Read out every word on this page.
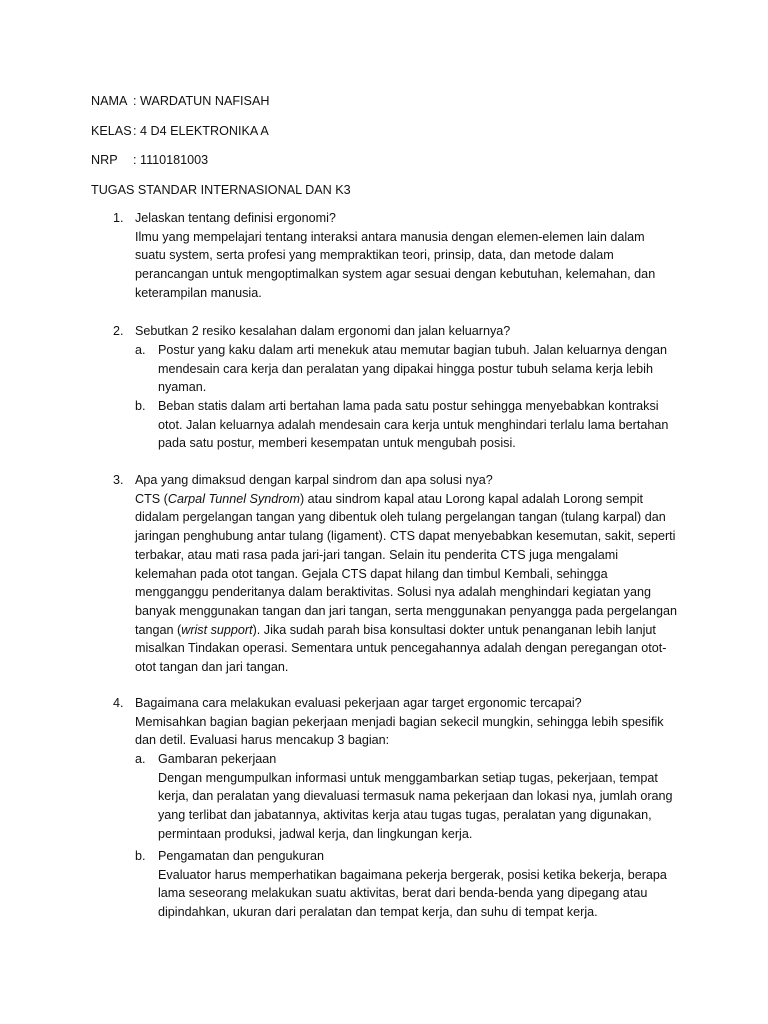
NAMA : WARDATUN NAFISAH
KELAS : 4 D4 ELEKTRONIKA A
NRP : 1110181003
TUGAS STANDAR INTERNASIONAL DAN K3
1. Jelaskan tentang definisi ergonomi?
Ilmu yang mempelajari tentang interaksi antara manusia dengan elemen-elemen lain dalam
suatu system, serta profesi yang mempraktikan teori, prinsip, data, dan metode dalam
perancangan untuk mengoptimalkan system agar sesuai dengan kebutuhan, kelemahan, dan
keterampilan manusia.
2. Sebutkan 2 resiko kesalahan dalam ergonomi dan jalan keluarnya?
a. Postur yang kaku dalam arti menekuk atau memutar bagian tubuh. Jalan keluarnya dengan
mendesain cara kerja dan peralatan yang dipakai hingga postur tubuh selama kerja lebih
nyaman.
b. Beban statis dalam arti bertahan lama pada satu postur sehingga menyebabkan kontraksi
otot. Jalan keluarnya adalah mendesain cara kerja untuk menghindari terlalu lama bertahan
pada satu postur, memberi kesempatan untuk mengubah posisi.
3. Apa yang dimaksud dengan karpal sindrom dan apa solusi nya?
CTS (Carpal Tunnel Syndrom) atau sindrom kapal atau Lorong kapal adalah Lorong sempit
didalam pergelangan tangan yang dibentuk oleh tulang pergelangan tangan (tulang karpal) dan
jaringan penghubung antar tulang (ligament). CTS dapat menyebabkan kesemutan, sakit, seperti
terbakar, atau mati rasa pada jari-jari tangan. Selain itu penderita CTS juga mengalami
kelemahan pada otot tangan. Gejala CTS dapat hilang dan timbul Kembali, sehingga
mengganggu penderitanya dalam beraktivitas. Solusi nya adalah menghindari kegiatan yang
banyak menggunakan tangan dan jari tangan, serta menggunakan penyangga pada pergelangan
tangan (wrist support). Jika sudah parah bisa konsultasi dokter untuk penanganan lebih lanjut
misalkan Tindakan operasi. Sementara untuk pencegahannya adalah dengan peregangan otot-
otot tangan dan jari tangan.
4. Bagaimana cara melakukan evaluasi pekerjaan agar target ergonomic tercapai?
Memisahkan bagian bagian pekerjaan menjadi bagian sekecil mungkin, sehingga lebih spesifik
dan detil. Evaluasi harus mencakup 3 bagian:
a. Gambaran pekerjaan
Dengan mengumpulkan informasi untuk menggambarkan setiap tugas, pekerjaan, tempat
kerja, dan peralatan yang dievaluasi termasuk nama pekerjaan dan lokasi nya, jumlah orang
yang terlibat dan jabatannya, aktivitas kerja atau tugas tugas, peralatan yang digunakan,
permintaan produksi, jadwal kerja, dan lingkungan kerja.
b. Pengamatan dan pengukuran
Evaluator harus memperhatikan bagaimana pekerja bergerak, posisi ketika bekerja, berapa
lama seseorang melakukan suatu aktivitas, berat dari benda-benda yang dipegang atau
dipindahkan, ukuran dari peralatan dan tempat kerja, dan suhu di tempat kerja.
